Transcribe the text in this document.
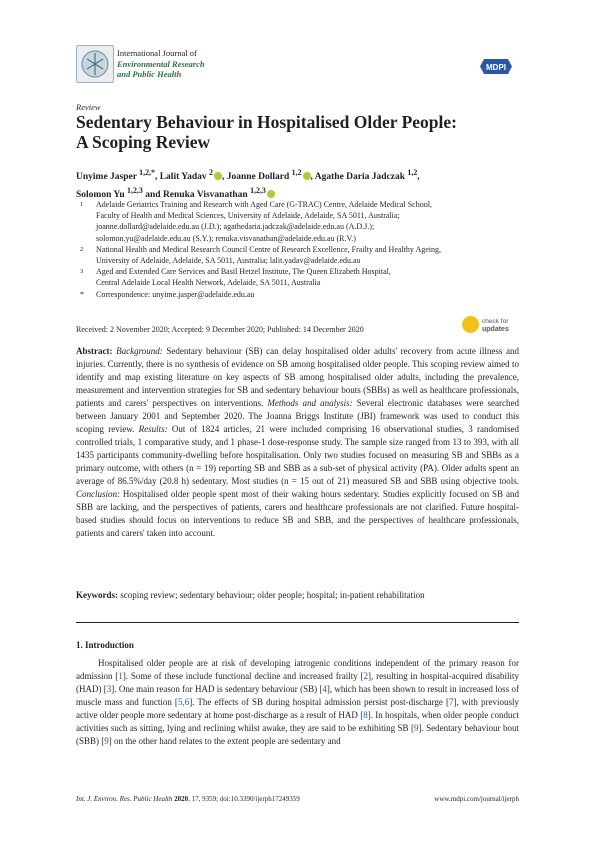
International Journal of
Environmental Research
and Public Health
MDPI
Review
Sedentary Behaviour in Hospitalised Older People:
A Scoping Review
Unyime Jasper $^{1,2,*}$, Lalit Yadav $^2$ , Joanne Dollard $^{1,2}$ , Agathe Daria Jadczak $^{1,2}$,
Solomon Yu $^{1,2,3}$ and Renuka Visvanathan $^{1,2,3}$
1	Adelaide Geriatrics Training and Research with Aged Care (G-TRAC) Centre, Adelaide Medical School,
Faculty of Health and Medical Sciences, University of Adelaide, Adelaide, SA 5011, Australia;
joanne.dollard@adelaide.edu.au (J.D.); agathedaria.jadczak@adelaide.edu.au (A.D.J.);
solomon.yu@adelaide.edu.au (S.Y.); renuka.visvanathan@adelaide.edu.au (R.V.)
2	National Health and Medical Research Council Centre of Research Excellence, Frailty and Healthy Ageing,
University of Adelaide, Adelaide, SA 5011, Australia; lalit.yadav@adelaide.edu.au
3	Aged and Extended Care Services and Basil Hetzel Institute, The Queen Elizabeth Hospital,
Central Adelaide Local Health Network, Adelaide, SA 5011, Australia
*	Correspondence: unyime.jasper@adelaide.edu.au
Received: 2 November 2020; Accepted: 9 December 2020; Published: 14 December 2020
check for
updates
Abstract: Background: Sedentary behaviour (SB) can delay hospitalised older adults' recovery from acute illness and injuries. Currently, there is no synthesis of evidence on SB among hospitalised older people. This scoping review aimed to identify and map existing literature on key aspects of SB among hospitalised older adults, including the prevalence, measurement and intervention strategies for SB and sedentary behaviour bouts (SBBs) as well as healthcare professionals, patients and carers' perspectives on interventions. Methods and analysis: Several electronic databases were searched between January 2001 and September 2020. The Joanna Briggs Institute (JBI) framework was used to conduct this scoping review. Results: Out of 1824 articles, 21 were included comprising 16 observational studies, 3 randomised controlled trials, 1 comparative study, and 1 phase-1 dose-response study. The sample size ranged from 13 to 393, with all 1435 participants community-dwelling before hospitalisation. Only two studies focused on measuring SB and SBBs as a primary outcome, with others (n = 19) reporting SB and SBB as a sub-set of physical activity (PA). Older adults spent an average of 86.5%/day (20.8 h) sedentary. Most studies (n = 15 out of 21) measured SB and SBB using objective tools. Conclusion: Hospitalised older people spent most of their waking hours sedentary. Studies explicitly focused on SB and SBB are lacking, and the perspectives of patients, carers and healthcare professionals are not clarified. Future hospital-based studies should focus on interventions to reduce SB and SBB, and the perspectives of healthcare professionals, patients and carers' taken into account.
Keywords: scoping review; sedentary behaviour; older people; hospital; in-patient rehabilitation
1. Introduction
Hospitalised older people are at risk of developing iatrogenic conditions independent of the primary reason for admission [1]. Some of these include functional decline and increased frailty [2], resulting in hospital-acquired disability (HAD) [3]. One main reason for HAD is sedentary behaviour (SB) [4], which has been shown to result in increased loss of muscle mass and function [5,6]. The effects of SB during hospital admission persist post-discharge [7], with previously active older people more sedentary at home post-discharge as a result of HAD [8]. In hospitals, when older people conduct activities such as sitting, lying and reclining whilst awake, they are said to be exhibiting SB [9]. Sedentary behaviour bout (SBB) [9] on the other hand relates to the extent people are sedentary and
Int. J. Environ. Res. Public Health 2020, 17, 9359; doi:10.3390/ijerph17249359	www.mdpi.com/journal/ijerph
